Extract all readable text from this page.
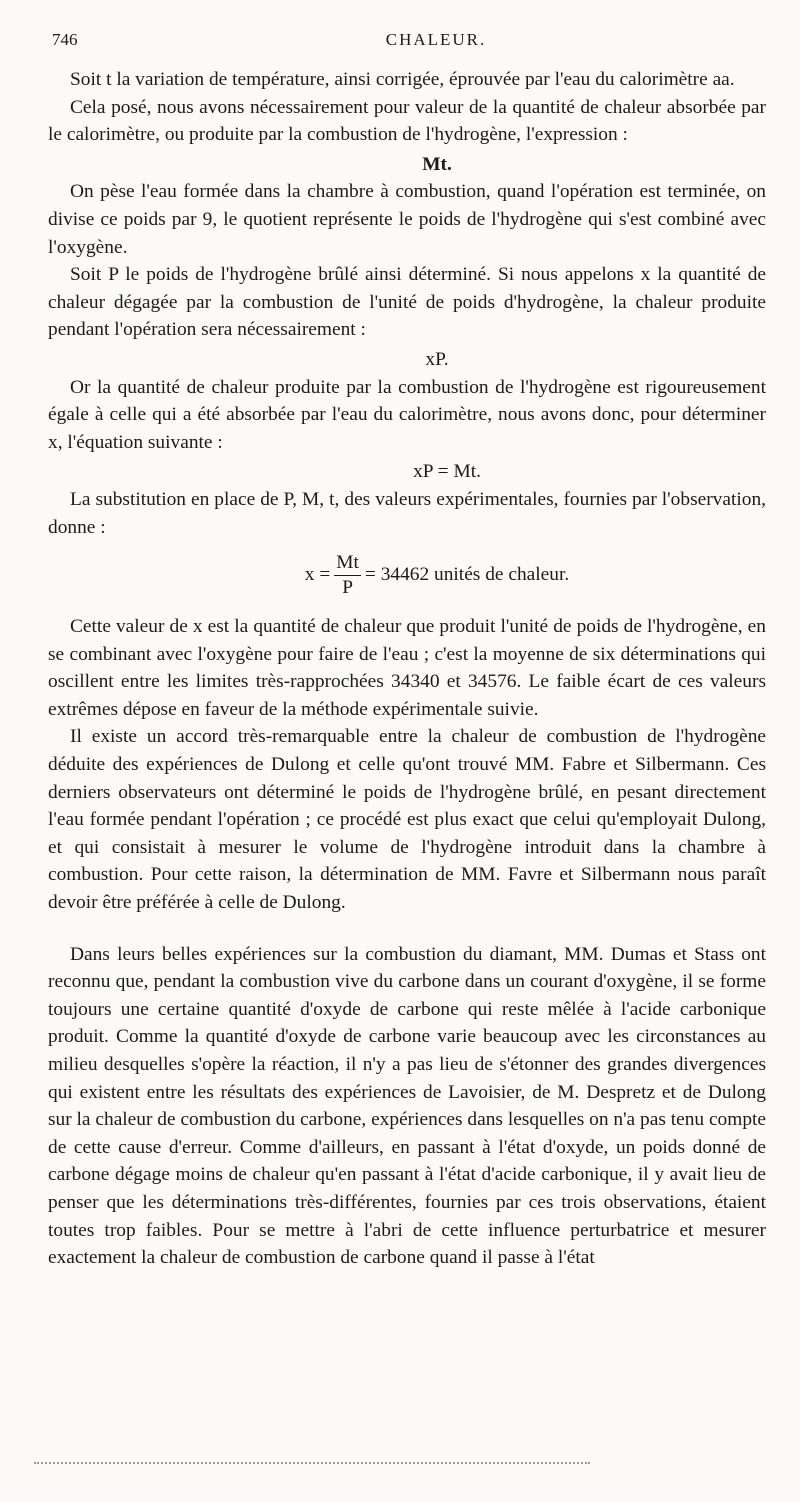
746	CHALEUR.

Soit t la variation de température, ainsi corrigée, éprouvée par l'eau du calorimètre aa.

Cela posé, nous avons nécessairement pour valeur de la quantité de chaleur absorbée par le calorimètre, ou produite par la combustion de l'hydrogène, l'expression :

Mt.

On pèse l'eau formée dans la chambre à combustion, quand l'opération est terminée, on divise ce poids par 9, le quotient représente le poids de l'hydrogène qui s'est combiné avec l'oxygène.

Soit P le poids de l'hydrogène brûlé ainsi déterminé. Si nous appelons x la quantité de chaleur dégagée par la combustion de l'unité de poids d'hydrogène, la chaleur produite pendant l'opération sera nécessairement :

xP.

Or la quantité de chaleur produite par la combustion de l'hydrogène est rigoureusement égale à celle qui a été absorbée par l'eau du calorimètre, nous avons donc, pour déterminer x, l'équation suivante :

xP = Mt.

La substitution en place de P, M, t, des valeurs expérimentales, fournies par l'observation, donne :

$x = \frac{Mt}{P} = 34462$ unités de chaleur.

Cette valeur de x est la quantité de chaleur que produit l'unité de poids de l'hydrogène, en se combinant avec l'oxygène pour faire de l'eau ; c'est la moyenne de six déterminations qui oscillent entre les limites très-rapprochées 34340 et 34576. Le faible écart de ces valeurs extrêmes dépose en faveur de la méthode expérimentale suivie.

Il existe un accord très-remarquable entre la chaleur de combustion de l'hydrogène déduite des expériences de Dulong et celle qu'ont trouvé MM. Fabre et Silbermann. Ces derniers observateurs ont déterminé le poids de l'hydrogène brûlé, en pesant directement l'eau formée pendant l'opération ; ce procédé est plus exact que celui qu'employait Dulong, et qui consistait à mesurer le volume de l'hydrogène introduit dans la chambre à combustion. Pour cette raison, la détermination de MM. Favre et Silbermann nous paraît devoir être préférée à celle de Dulong.

Dans leurs belles expériences sur la combustion du diamant, MM. Dumas et Stass ont reconnu que, pendant la combustion vive du carbone dans un courant d'oxygène, il se forme toujours une certaine quantité d'oxyde de carbone qui reste mêlée à l'acide carbonique produit. Comme la quantité d'oxyde de carbone varie beaucoup avec les circonstances au milieu desquelles s'opère la réaction, il n'y a pas lieu de s'étonner des grandes divergences qui existent entre les résultats des expériences de Lavoisier, de M. Despretz et de Dulong sur la chaleur de combustion du carbone, expériences dans lesquelles on n'a pas tenu compte de cette cause d'erreur. Comme d'ailleurs, en passant à l'état d'oxyde, un poids donné de carbone dégage moins de chaleur qu'en passant à l'état d'acide carbonique, il y avait lieu de penser que les déterminations très-différentes, fournies par ces trois observations, étaient toutes trop faibles. Pour se mettre à l'abri de cette influence perturbatrice et mesurer exactement la chaleur de combustion de carbone quand il passe à l'état
